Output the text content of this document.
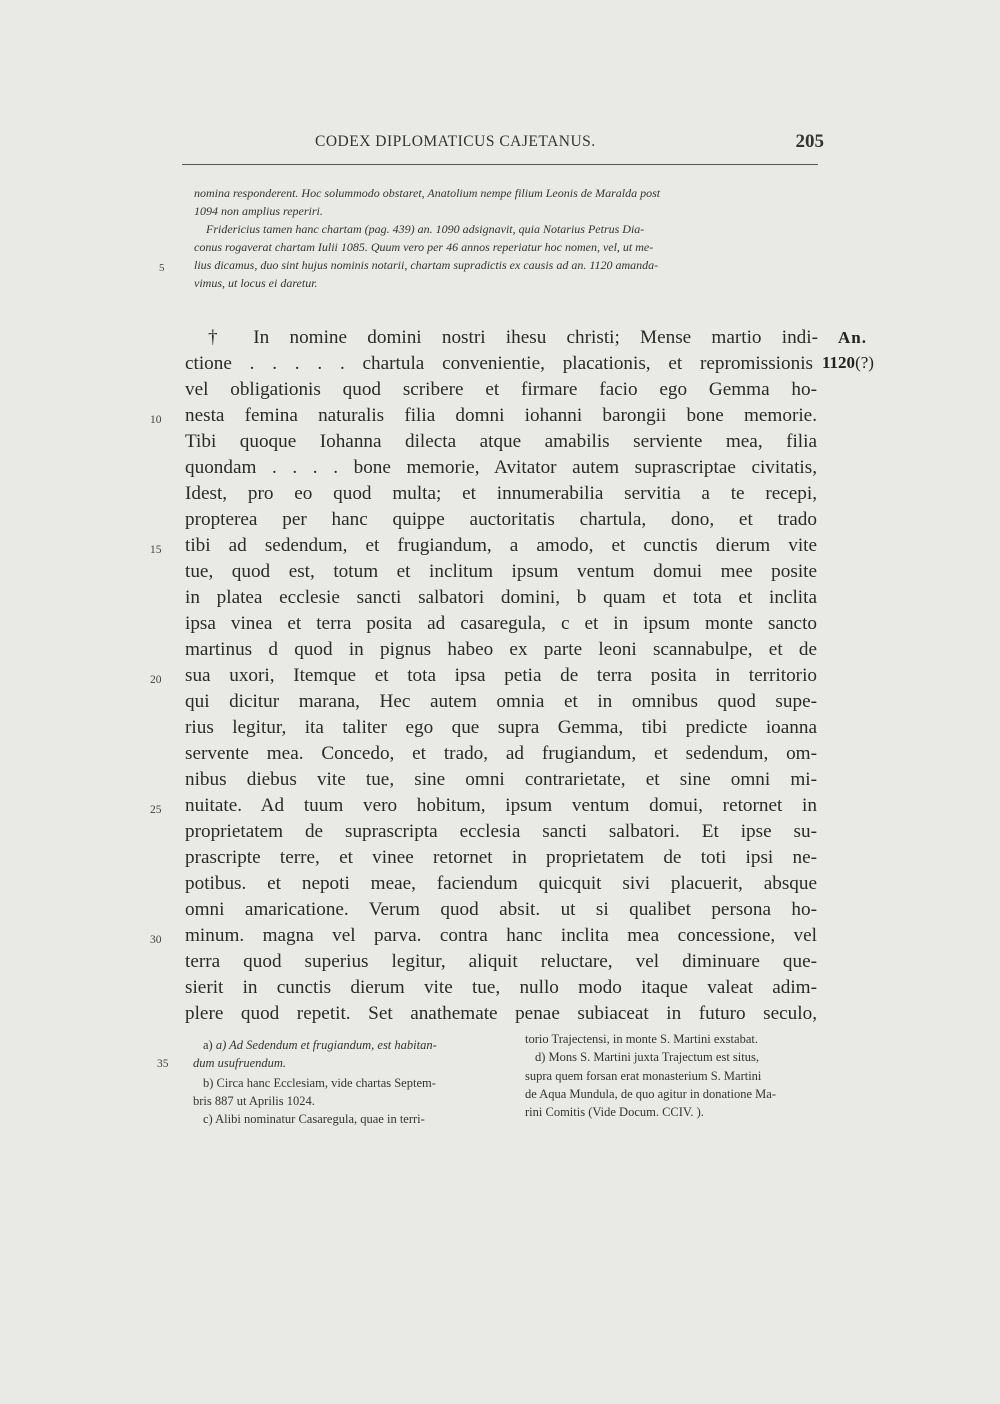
CODEX DIPLOMATICUS CAJETANUS.	205
nomina responderent. Hoc solummodo obstaret, Anatolium nempe filium Leonis de Maralda post
1094 non amplius reperiri.
Fridericius tamen hanc chartam (pag. 439) an. 1090 adsignavit, quia Notarius Petrus Dia-
conus rogaverat chartam Iulii 1085. Quum vero per 46 annos reperiatur hoc nomen, vel, ut me-
lius dicamus, duo sint hujus nominis notarii, chartam supradictis ex causis ad an. 1120 amanda-
vimus, ut locus ei daretur.
5
An.
1120(?)
† In nomine domini nostri ihesu christi; Mense martio indi-
ctione . . . . . chartula convenientie, placationis, et repromissionis
vel obligationis quod scribere et firmare facio ego Gemma ho-
nesta femina naturalis filia domni iohanni barongii bone memorie.
Tibi quoque Iohanna dilecta atque amabilis serviente mea, filia
quondam . . . . bone memorie, Avitator autem suprascriptae civitatis,
Idest, pro eo quod multa; et innumerabilia servitia a te recepi,
propterea per hanc quippe auctoritatis chartula, dono, et trado
tibi ad sedendum, et frugiandum, a amodo, et cunctis dierum vite
tue, quod est, totum et inclitum ipsum ventum domui mee posite
in platea ecclesie sancti salbatori domini, b quam et tota et inclita
ipsa vinea et terra posita ad casaregula, c et in ipsum monte sancto
martinus d quod in pignus habeo ex parte leoni scannabulpe, et de
sua uxori, Itemque et tota ipsa petia de terra posita in territorio
qui dicitur marana, Hec autem omnia et in omnibus quod supe-
rius legitur, ita taliter ego que supra Gemma, tibi predicte ioanna
servente mea. Concedo, et trado, ad frugiandum, et sedendum, om-
nibus diebus vite tue, sine omni contrarietate, et sine omni mi-
nuitate. Ad tuum vero hobitum, ipsum ventum domui, retornet in
proprietatem de suprascripta ecclesia sancti salbatori. Et ipse su-
prascripte terre, et vinee retornet in proprietatem de toti ipsi ne-
potibus. et nepoti meae, faciendum quicquit sivi placuerit, absque
omni amaricatione. Verum quod absit. ut si qualibet persona ho-
minum. magna vel parva. contra hanc inclita mea concessione, vel
terra quod superius legitur, aliquit reluctare, vel diminuare que-
sierit in cunctis dierum vite tue, nullo modo itaque valeat adim-
plere quod repetit. Set anathemate penae subiaceat in futuro seculo,
10
15
20
25
30
35
a) a) Ad Sedendum et frugiandum, est habitan-
dum usufruendum.
b) Circa hanc Ecclesiam, vide chartas Septem-
bris 887 ut Aprilis 1024.
c) Alibi nominatur Casaregula, quae in terri-
torio Trajectensi, in monte S. Martini exstabat.
d) Mons S. Martini juxta Trajectum est situs,
supra quem forsan erat monasterium S. Martini
de Aqua Mundula, de quo agitur in donatione Ma-
rini Comitis (Vide Docum. CCIV. ).
